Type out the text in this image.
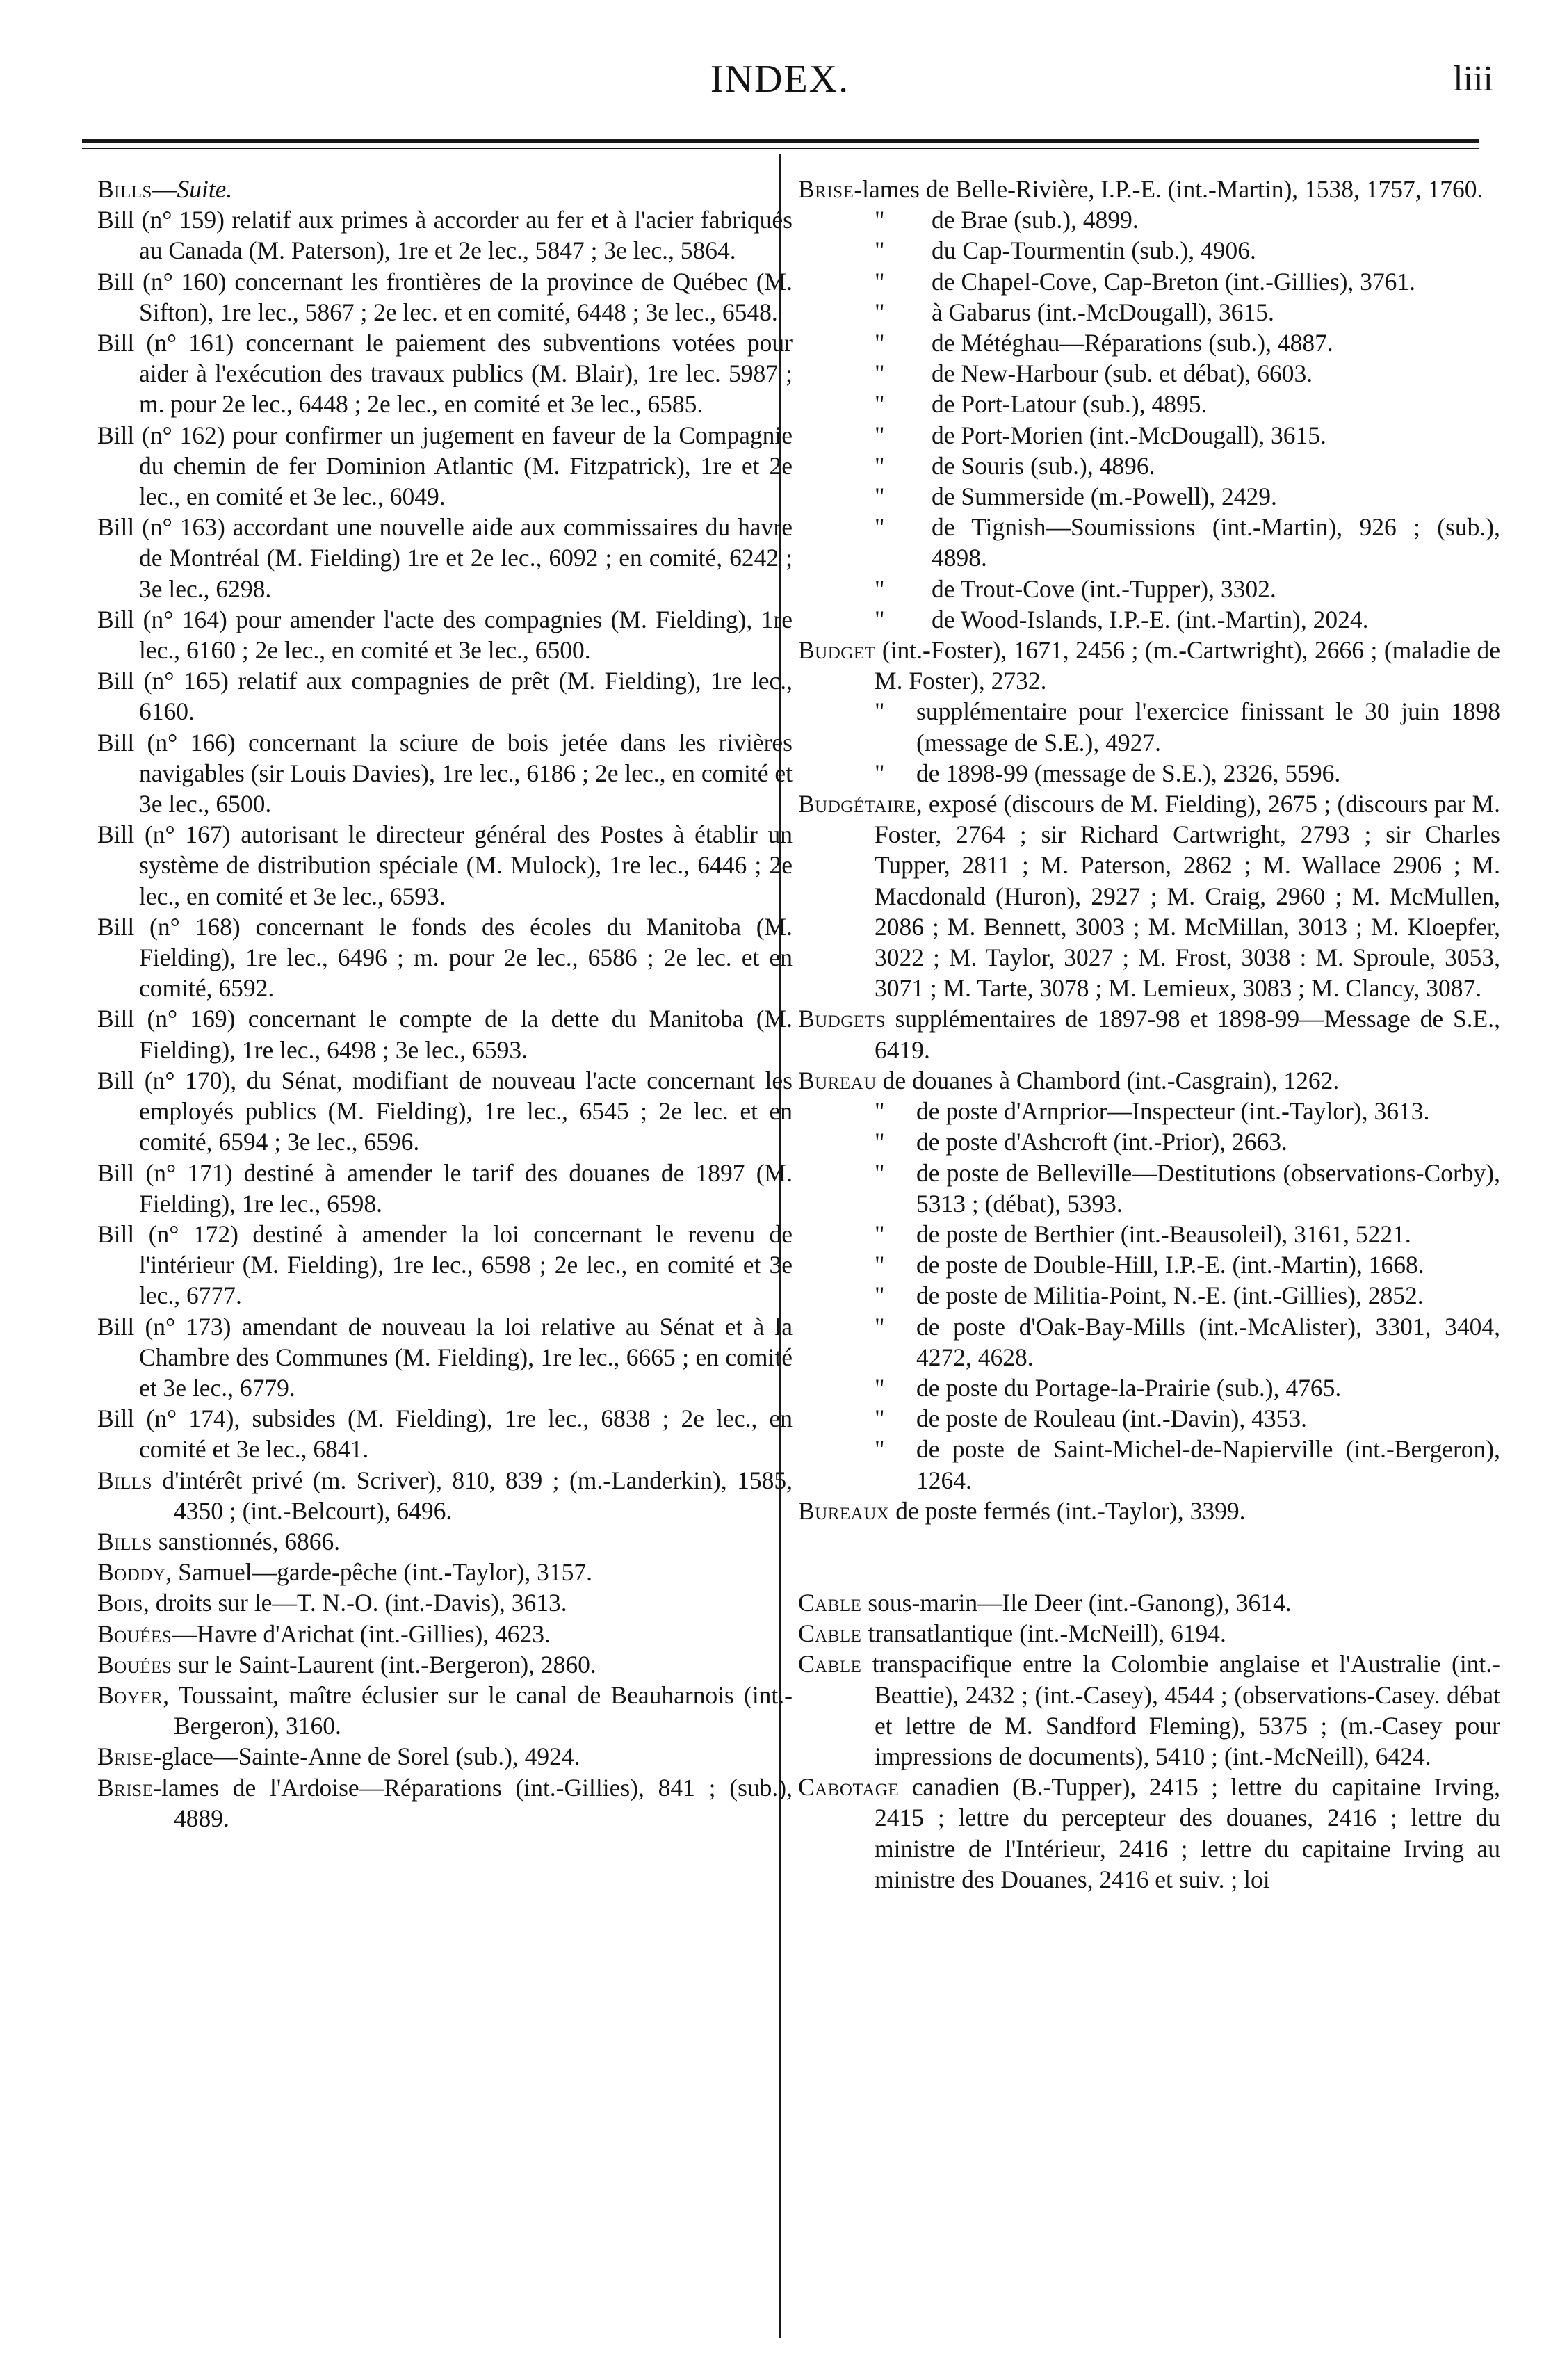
INDEX.	liii

Bills—Suite.

Bill (n° 159) relatif aux primes à accorder au fer et à l'acier fabriqués au Canada (M. Paterson), 1re et 2e lec., 5847 ; 3e lec., 5864.

Bill (n° 160) concernant les frontières de la province de Québec (M. Sifton), 1re lec., 5867 ; 2e lec. et en comité, 6448 ; 3e lec., 6548.

Bill (n° 161) concernant le paiement des subventions votées pour aider à l'exécution des travaux publics (M. Blair), 1re lec. 5987 ; m. pour 2e lec., 6448 ; 2e lec., en comité et 3e lec., 6585.

Bill (n° 162) pour confirmer un jugement en faveur de la Compagnie du chemin de fer Dominion Atlantic (M. Fitzpatrick), 1re et 2e lec., en comité et 3e lec., 6049.

Bill (n° 163) accordant une nouvelle aide aux commissaires du havre de Montréal (M. Fielding) 1re et 2e lec., 6092 ; en comité, 6242 ; 3e lec., 6298.

Bill (n° 164) pour amender l'acte des compagnies (M. Fielding), 1re lec., 6160 ; 2e lec., en comité et 3e lec., 6500.

Bill (n° 165) relatif aux compagnies de prêt (M. Fielding), 1re lec., 6160.

Bill (n° 166) concernant la sciure de bois jetée dans les rivières navigables (sir Louis Davies), 1re lec., 6186 ; 2e lec., en comité et 3e lec., 6500.

Bill (n° 167) autorisant le directeur général des Postes à établir un système de distribution spéciale (M. Mulock), 1re lec., 6446 ; 2e lec., en comité et 3e lec., 6593.

Bill (n° 168) concernant le fonds des écoles du Manitoba (M. Fielding), 1re lec., 6496 ; m. pour 2e lec., 6586 ; 2e lec. et en comité, 6592.

Bill (n° 169) concernant le compte de la dette du Manitoba (M. Fielding), 1re lec., 6498 ; 3e lec., 6593.

Bill (n° 170), du Sénat, modifiant de nouveau l'acte concernant les employés publics (M. Fielding), 1re lec., 6545 ; 2e lec. et en comité, 6594 ; 3e lec., 6596.

Bill (n° 171) destiné à amender le tarif des douanes de 1897 (M. Fielding), 1re lec., 6598.

Bill (n° 172) destiné à amender la loi concernant le revenu de l'intérieur (M. Fielding), 1re lec., 6598 ; 2e lec., en comité et 3e lec., 6777.

Bill (n° 173) amendant de nouveau la loi relative au Sénat et à la Chambre des Communes (M. Fielding), 1re lec., 6665 ; en comité et 3e lec., 6779.

Bill (n° 174), subsides (M. Fielding), 1re lec., 6838 ; 2e lec., en comité et 3e lec., 6841.

Bills d'intérêt privé (m. Scriver), 810, 839 ; (m.-Landerkin), 1585, 4350 ; (int.-Belcourt), 6496.

Bills sanstionnés, 6866.

Boddy, Samuel—garde-pêche (int.-Taylor), 3157.

Bois, droits sur le—T. N.-O. (int.-Davis), 3613.

Bouées—Havre d'Arichat (int.-Gillies), 4623.

Bouées sur le Saint-Laurent (int.-Bergeron), 2860.

Boyer, Toussaint, maître éclusier sur le canal de Beauharnois (int.-Bergeron), 3160.

Brise-glace—Sainte-Anne de Sorel (sub.), 4924.

Brise-lames de l'Ardoise—Réparations (int.-Gillies), 841 ; (sub.), 4889.

Brise-lames de Belle-Rivière, I.P.-E. (int.-Martin), 1538, 1757, 1760.

" de Brae (sub.), 4899.

" du Cap-Tourmentin (sub.), 4906.

" de Chapel-Cove, Cap-Breton (int.-Gillies), 3761.

" à Gabarus (int.-McDougall), 3615.

" de Météghau—Réparations (sub.), 4887.

" de New-Harbour (sub. et débat), 6603.

" de Port-Latour (sub.), 4895.

" de Port-Morien (int.-McDougall), 3615.

" de Souris (sub.), 4896.

" de Summerside (m.-Powell), 2429.

" de Tignish—Soumissions (int.-Martin), 926 ; (sub.), 4898.

" de Trout-Cove (int.-Tupper), 3302.

" de Wood-Islands, I.P.-E. (int.-Martin), 2024.

Budget (int.-Foster), 1671, 2456 ; (m.-Cartwright), 2666 ; (maladie de M. Foster), 2732.

" supplémentaire pour l'exercice finissant le 30 juin 1898 (message de S.E.), 4927.

" de 1898-99 (message de S.E.), 2326, 5596.

Budgétaire, exposé (discours de M. Fielding), 2675 ; (discours par M. Foster, 2764 ; sir Richard Cartwright, 2793 ; sir Charles Tupper, 2811 ; M. Paterson, 2862 ; M. Wallace 2906 ; M. Macdonald (Huron), 2927 ; M. Craig, 2960 ; M. McMullen, 2086 ; M. Bennett, 3003 ; M. McMillan, 3013 ; M. Kloepfer, 3022 ; M. Taylor, 3027 ; M. Frost, 3038 : M. Sproule, 3053, 3071 ; M. Tarte, 3078 ; M. Lemieux, 3083 ; M. Clancy, 3087.

Budgets supplémentaires de 1897-98 et 1898-99—Message de S.E., 6419.

Bureau de douanes à Chambord (int.-Casgrain), 1262.

" de poste d'Arnprior—Inspecteur (int.-Taylor), 3613.

" de poste d'Ashcroft (int.-Prior), 2663.

" de poste de Belleville—Destitutions (observations-Corby), 5313 ; (débat), 5393.

" de poste de Berthier (int.-Beausoleil), 3161, 5221.

" de poste de Double-Hill, I.P.-E. (int.-Martin), 1668.

" de poste de Militia-Point, N.-E. (int.-Gillies), 2852.

" de poste d'Oak-Bay-Mills (int.-McAlister), 3301, 3404, 4272, 4628.

" de poste du Portage-la-Prairie (sub.), 4765.

" de poste de Rouleau (int.-Davin), 4353.

" de poste de Saint-Michel-de-Napierville (int.-Bergeron), 1264.

Bureaux de poste fermés (int.-Taylor), 3399.

Cable sous-marin—Ile Deer (int.-Ganong), 3614.

Cable transatlantique (int.-McNeill), 6194.

Cable transpacifique entre la Colombie anglaise et l'Australie (int.-Beattie), 2432 ; (int.-Casey), 4544 ; (observations-Casey. débat et lettre de M. Sandford Fleming), 5375 ; (m.-Casey pour impressions de documents), 5410 ; (int.-McNeill), 6424.

Cabotage canadien (B.-Tupper), 2415 ; lettre du capitaine Irving, 2415 ; lettre du percepteur des douanes, 2416 ; lettre du ministre de l'Intérieur, 2416 ; lettre du capitaine Irving au ministre des Douanes, 2416 et suiv. ; loi
